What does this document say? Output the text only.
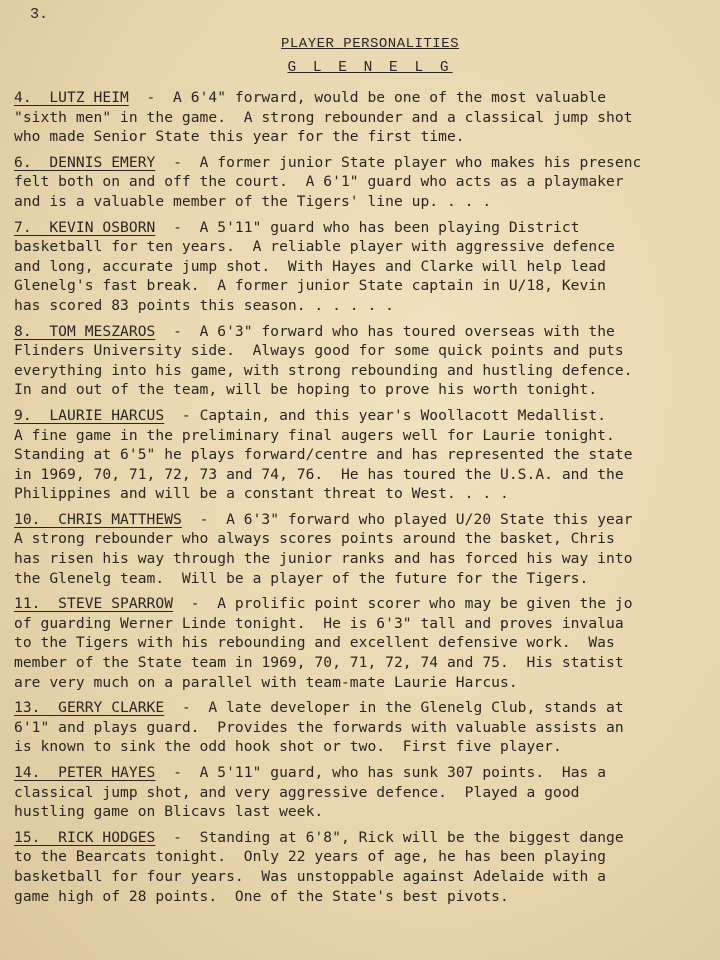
3.
PLAYER PERSONALITIES
G L E N E L G
4.  LUTZ HEIM  -  A 6'4" forward, would be one of the most valuable
"sixth men" in the game.  A strong rebounder and a classical jump shot
who made Senior State this year for the first time.
6.  DENNIS EMERY  -  A former junior State player who makes his presenc
felt both on and off the court.  A 6'1" guard who acts as a playmaker
and is a valuable member of the Tigers' line up. . . .
7.  KEVIN OSBORN  -  A 5'11" guard who has been playing District
basketball for ten years.  A reliable player with aggressive defence
and long, accurate jump shot.  With Hayes and Clarke will help lead
Glenelg's fast break.  A former junior State captain in U/18, Kevin
has scored 83 points this season. . . . . .
8.  TOM MESZAROS  -  A 6'3" forward who has toured overseas with the
Flinders University side.  Always good for some quick points and puts
everything into his game, with strong rebounding and hustling defence.
In and out of the team, will be hoping to prove his worth tonight.
9.  LAURIE HARCUS  - Captain, and this year's Woollacott Medallist.
A fine game in the preliminary final augers well for Laurie tonight.
Standing at 6'5" he plays forward/centre and has represented the state
in 1969, 70, 71, 72, 73 and 74, 76.  He has toured the U.S.A. and the
Philippines and will be a constant threat to West. . . .
10.  CHRIS MATTHEWS  -  A 6'3" forward who played U/20 State this year
A strong rebounder who always scores points around the basket, Chris
has risen his way through the junior ranks and has forced his way into
the Glenelg team.  Will be a player of the future for the Tigers.
11.  STEVE SPARROW  -  A prolific point scorer who may be given the jo
of guarding Werner Linde tonight.  He is 6'3" tall and proves invalua
to the Tigers with his rebounding and excellent defensive work.  Was
member of the State team in 1969, 70, 71, 72, 74 and 75.  His statist
are very much on a parallel with team-mate Laurie Harcus.
13.  GERRY CLARKE  -  A late developer in the Glenelg Club, stands at
6'1" and plays guard.  Provides the forwards with valuable assists an
is known to sink the odd hook shot or two.  First five player.
14.  PETER HAYES  -  A 5'11" guard, who has sunk 307 points.  Has a
classical jump shot, and very aggressive defence.  Played a good
hustling game on Blicavs last week.
15.  RICK HODGES  -  Standing at 6'8", Rick will be the biggest dange
to the Bearcats tonight.  Only 22 years of age, he has been playing
basketball for four years.  Was unstoppable against Adelaide with a
game high of 28 points.  One of the State's best pivots.
